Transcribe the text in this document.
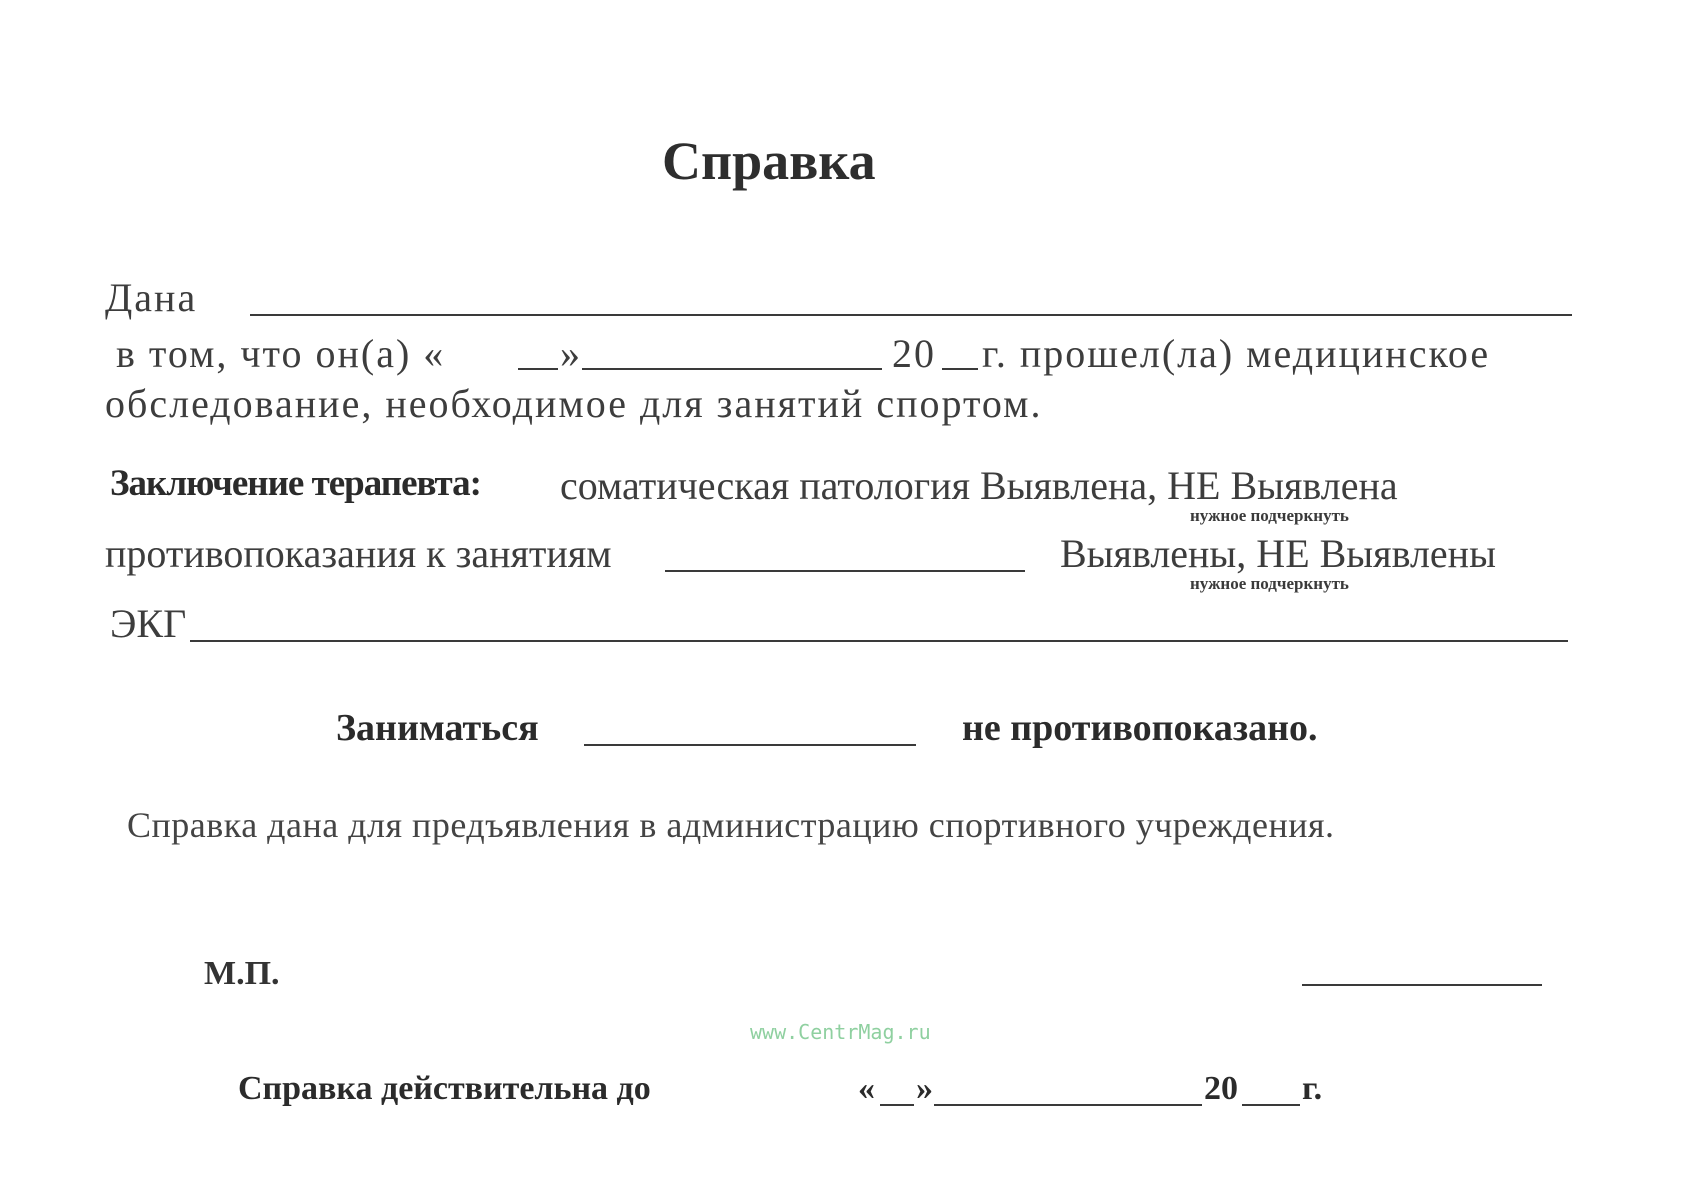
Справка
Дана
в том, что он(а) «	»	20 г. прошел(ла) медицинское
обследование, необходимое для занятий спортом.
Заключение терапевта: соматическая патология Выявлена, НЕ Выявлена
нужное подчеркнуть
противопоказания к занятиям	Выявлены, НЕ Выявлены
нужное подчеркнуть
ЭКГ
Заниматься	не противопоказано.
Справка дана для предъявления в администрацию спортивного учреждения.
М.П.
www.CentrMag.ru
Справка действительна до	« »	20 г.
